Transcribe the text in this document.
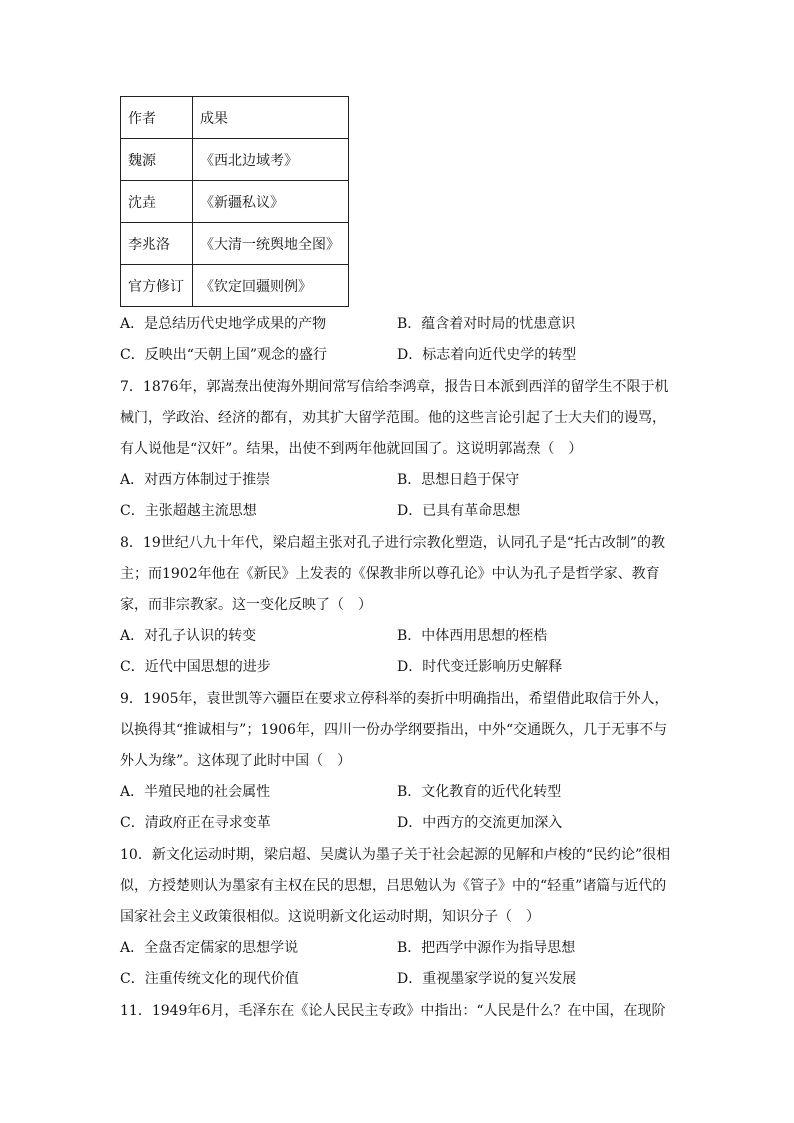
作者	成果
魏源	《西北边域考》
沈垚	《新疆私议》
李兆洛	《大清一统舆地全图》
官方修订	《钦定回疆则例》
A．是总结历代史地学成果的产物	B．蕴含着对时局的忧患意识
C．反映出“天朝上国”观念的盛行	D．标志着向近代史学的转型
7．1876年，郭嵩焘出使海外期间常写信给李鸿章，报告日本派到西洋的留学生不限于机
械门，学政治、经济的都有，劝其扩大留学范围。他的这些言论引起了士大夫们的谩骂，
有人说他是“汉奸”。结果，出使不到两年他就回国了。这说明郭嵩焘（　）
A．对西方体制过于推崇	B．思想日趋于保守
C．主张超越主流思想	D．已具有革命思想
8．19世纪八九十年代，梁启超主张对孔子进行宗教化塑造，认同孔子是“托古改制”的教
主；而1902年他在《新民》上发表的《保教非所以尊孔论》中认为孔子是哲学家、教育
家，而非宗教家。这一变化反映了（　）
A．对孔子认识的转变	B．中体西用思想的桎梏
C．近代中国思想的进步	D．时代变迁影响历史解释
9．1905年，袁世凯等六疆臣在要求立停科举的奏折中明确指出，希望借此取信于外人，
以换得其“推诚相与”；1906年，四川一份办学纲要指出，中外“交通既久，几于无事不与
外人为缘”。这体现了此时中国（　）
A．半殖民地的社会属性	B．文化教育的近代化转型
C．清政府正在寻求变革	D．中西方的交流更加深入
10．新文化运动时期，梁启超、吴虞认为墨子关于社会起源的见解和卢梭的“民约论”很相
似，方授楚则认为墨家有主权在民的思想，吕思勉认为《管子》中的“轻重”诸篇与近代的
国家社会主义政策很相似。这说明新文化运动时期，知识分子（　）
A．全盘否定儒家的思想学说	B．把西学中源作为指导思想
C．注重传统文化的现代价值	D．重视墨家学说的复兴发展
11．1949年6月，毛泽东在《论人民民主专政》中指出：“人民是什么？在中国，在现阶
